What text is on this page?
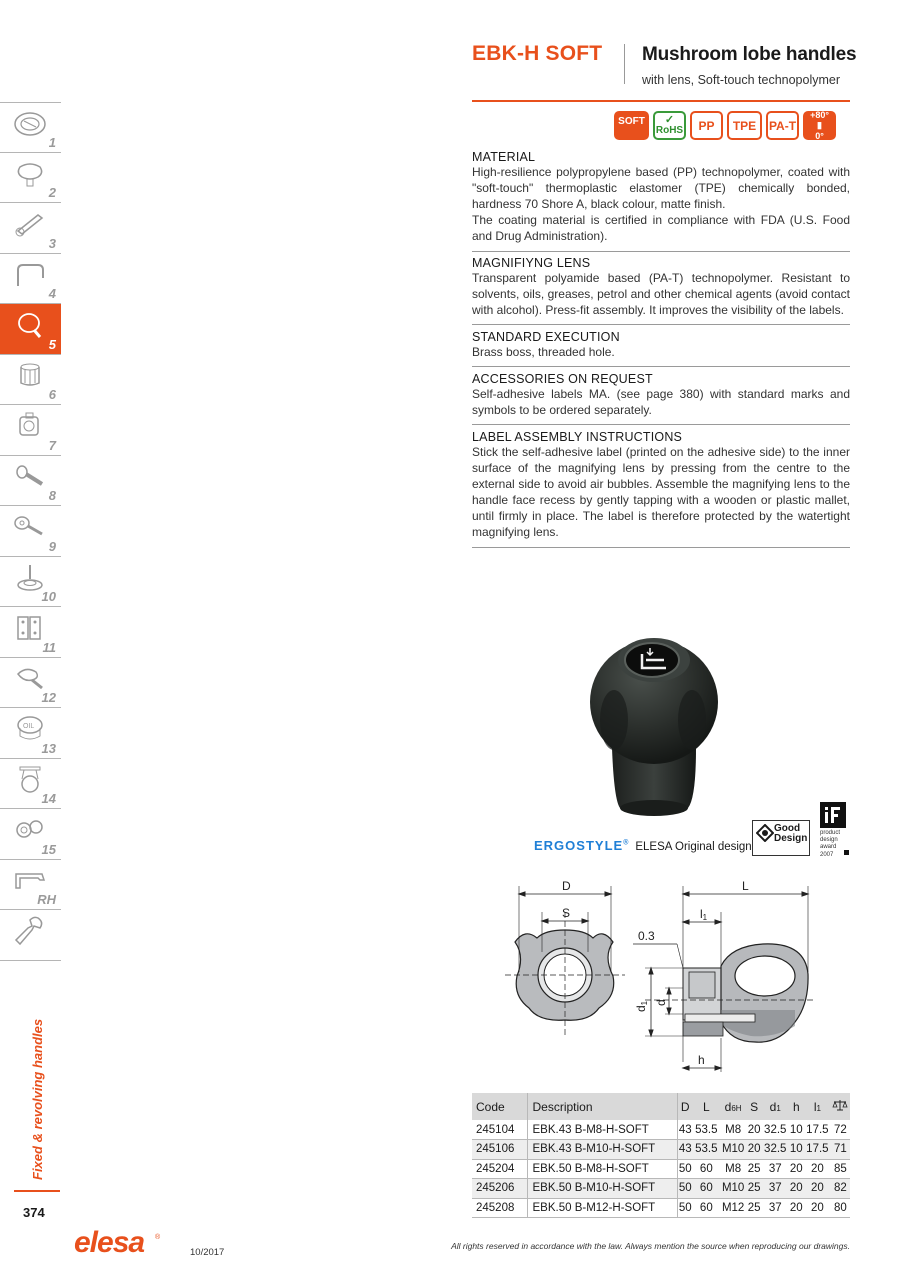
EBK-H SOFT Mushroom lobe handles
with lens, Soft-touch technopolymer
SOFT	✓
RoHS	PP	TPE	PA-T
+80°
▮
0°
MATERIAL
High-resilience polypropylene based (PP) technopolymer, coated with "soft-touch" thermoplastic elastomer (TPE) chemically bonded, hardness 70 Shore A, black colour, matte finish.
The coating material is certified in compliance with FDA (U.S. Food and Drug Administration).
MAGNIFIYNG LENS
Transparent polyamide based (PA-T) technopolymer. Resistant to solvents, oils, greases, petrol and other chemical agents (avoid contact with alcohol). Press-fit assembly. It improves the visibility of the labels.
STANDARD EXECUTION
Brass boss, threaded hole.
ACCESSORIES ON REQUEST
Self-adhesive labels MA. (see page 380) with standard marks and symbols to be ordered separately.
LABEL ASSEMBLY INSTRUCTIONS
Stick the self-adhesive label (printed on the adhesive side) to the inner surface of the magnifying lens by pressing from the centre to the external side to avoid air bubbles. Assemble the magnifying lens to the handle face recess by gently tapping with a wooden or plastic mallet, until firmly in place. The label is therefore protected by the watertight magnifying lens.
1
2
3
4
5
6
7
8
9
10
11
12
OIL
13
14
15
RH
Fixed & revolving handles
374
ERGOSTYLE® ELESA Original design
Good
Design product
design
award
2007
D
S
L
l1
0.3
d1 d
h
Code	Description	D	L	d6H	S	d1	h	l1	
245104	EBK.43 B-M8-H-SOFT	43	53.5	M8	20	32.5	10	17.5	72
245106	EBK.43 B-M10-H-SOFT	43	53.5	M10	20	32.5	10	17.5	71
245204	EBK.50 B-M8-H-SOFT	50	60	M8	25	37	20	20	85
245206	EBK.50 B-M10-H-SOFT	50	60	M10	25	37	20	20	82
245208	EBK.50 B-M12-H-SOFT	50	60	M12	25	37	20	20	80
elesa ®
10/2017
All rights reserved in accordance with the law. Always mention the source when reproducing our drawings.
